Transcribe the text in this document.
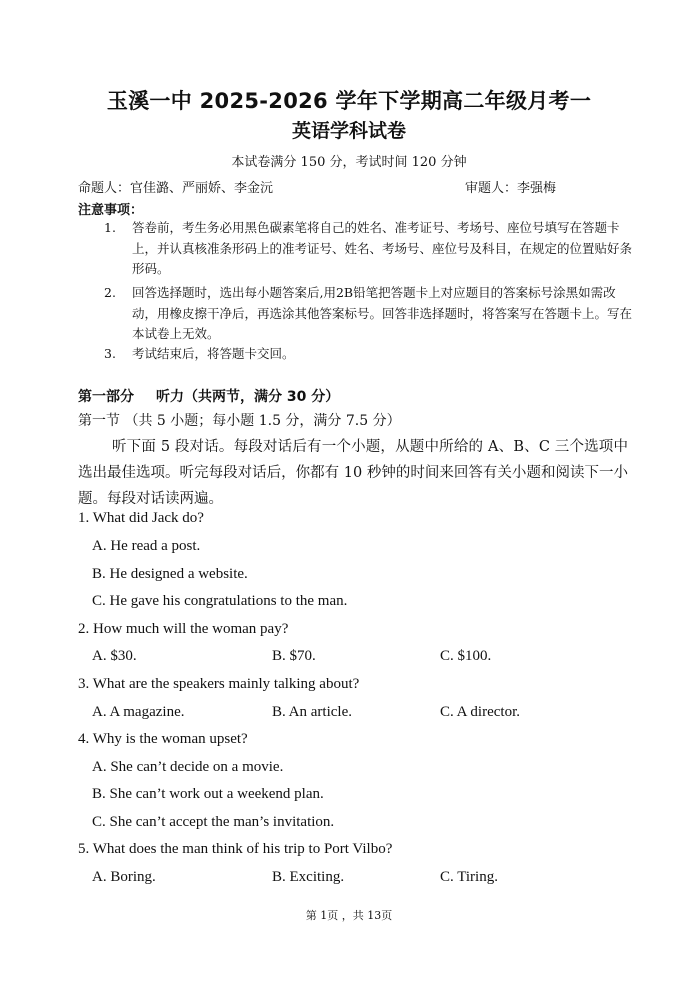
玉溪一中 2025-2026 学年下学期高二年级月考一
英语学科试卷
本试卷满分 150 分，考试时间 120 分钟
命题人：官佳潞、严丽娇、李金沅	审题人：李强梅
注意事项：
1.	答卷前，考生务必用黑色碳素笔将自己的姓名、准考证号、考场号、座位号填写在答题卡上，并认真核准条形码上的准考证号、姓名、考场号、座位号及科目，在规定的位置贴好条形码。
2.	回答选择题时，选出每小题答案后,用2B铅笔把答题卡上对应题目的答案标号涂黑如需改动，用橡皮擦干净后，再选涂其他答案标号。回答非选择题时，将答案写在答题卡上。写在本试卷上无效。
3.	考试结束后，将答题卡交回。
第一部分 听力（共两节，满分 30 分）
第一节 （共 5 小题；每小题 1.5 分，满分 7.5 分）
听下面 5 段对话。每段对话后有一个小题，从题中所给的 A、B、C 三个选项中选出最佳选项。听完每段对话后，你都有 10 秒钟的时间来回答有关小题和阅读下一小题。每段对话读两遍。
1. What did Jack do?
A. He read a post.
B. He designed a website.
C. He gave his congratulations to the man.
2. How much will the woman pay?
A. $30.	B. $70.	C. $100.
3. What are the speakers mainly talking about?
A. A magazine.	B. An article.	C. A director.
4. Why is the woman upset?
A. She can’t decide on a movie.
B. She can’t work out a weekend plan.
C. She can’t accept the man’s invitation.
5. What does the man think of his trip to Port Vilbo?
A. Boring.	B. Exciting.	C. Tiring.
第 1页 ，共 13页
